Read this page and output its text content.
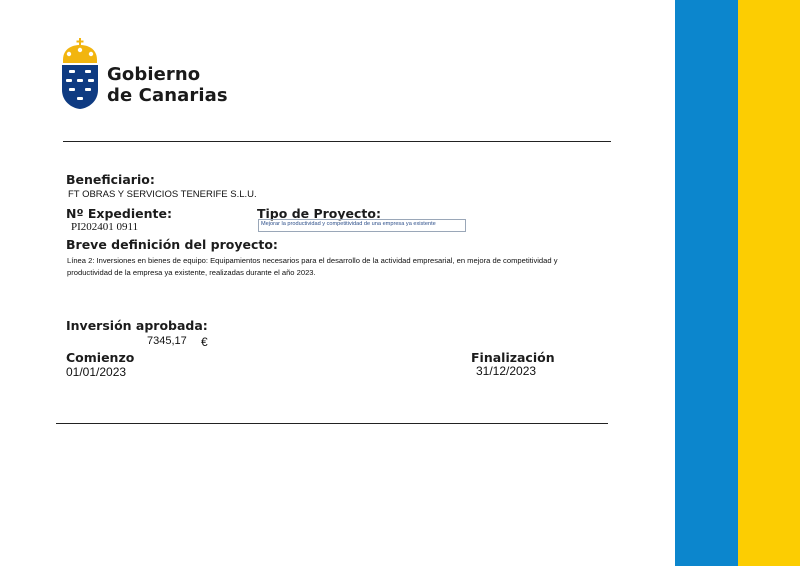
Gobierno
de Canarias
Beneficiario:
FT OBRAS Y SERVICIOS TENERIFE S.L.U.
Nº Expediente:
PI202401 0911
Tipo de Proyecto:
Mejorar la productividad y competitividad de una empresa ya existente
Breve definición del proyecto:
Línea 2: Inversiones en bienes de equipo: Equipamientos necesarios para el desarrollo de la actividad empresarial, en mejora de competitividad y productividad de la empresa ya existente, realizadas durante el año 2023.
Inversión aprobada:
7345,17 €
Comienzo
01/01/2023
Finalización
31/12/2023
